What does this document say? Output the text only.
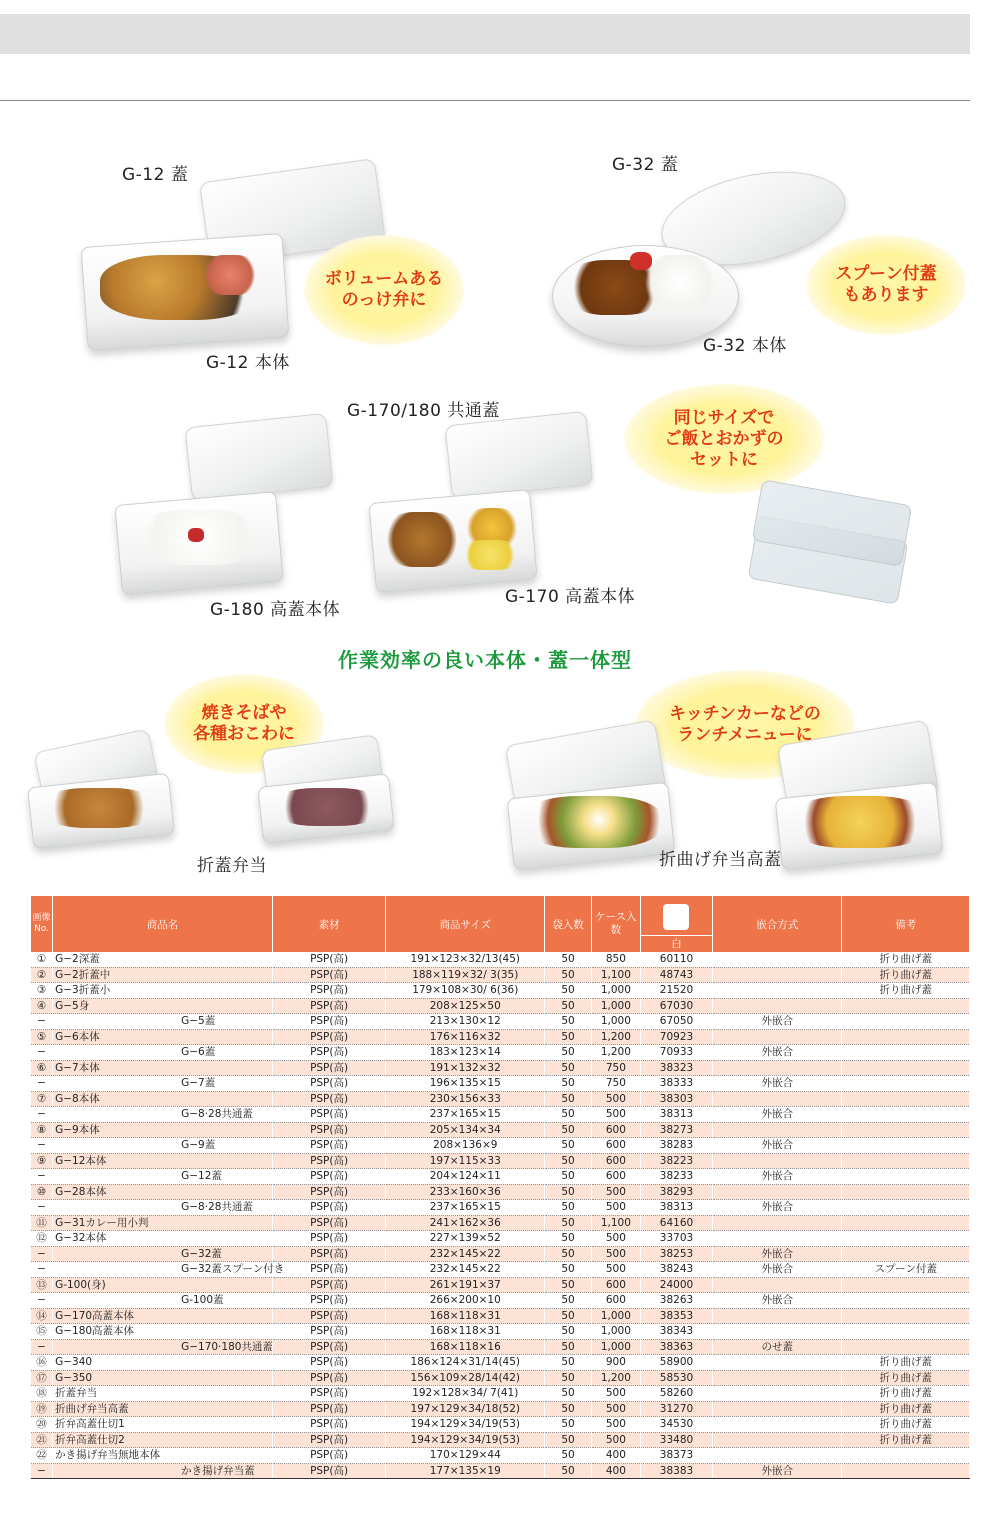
G-12 蓋
G-12 本体
ボリュームある
のっけ弁に
G-32 蓋
G-32 本体
スプーン付蓋
もあります
G-170/180 共通蓋
G-180 高蓋本体
G-170 高蓋本体
同じサイズで
ご飯とおかずの
セットに
作業効率の良い本体・蓋一体型
焼きそばや
各種おこわに
折蓋弁当
キッチンカーなどの
ランチメニューに
折曲げ弁当高蓋
画像No.	商品名	素材	商品サイズ	袋入数	ケース入数	白	嵌合方式	備考
①	G−2深蓋	PSP(高)	191×123×32/13(45)	50	850	60110		折り曲げ蓋
②	G−2折蓋中	PSP(高)	188×119×32/ 3(35)	50	1,100	48743		折り曲げ蓋
③	G−3折蓋小	PSP(高)	179×108×30/ 6(36)	50	1,000	21520		折り曲げ蓋
④	G−5身	PSP(高)	208×125×50	50	1,000	67030		
−	G−5蓋	PSP(高)	213×130×12	50	1,000	67050	外嵌合	
⑤	G−6本体	PSP(高)	176×116×32	50	1,200	70923		
−	G−6蓋	PSP(高)	183×123×14	50	1,200	70933	外嵌合	
⑥	G−7本体	PSP(高)	191×132×32	50	750	38323		
−	G−7蓋	PSP(高)	196×135×15	50	750	38333	外嵌合	
⑦	G−8本体	PSP(高)	230×156×33	50	500	38303		
−	G−8·28共通蓋	PSP(高)	237×165×15	50	500	38313	外嵌合	
⑧	G−9本体	PSP(高)	205×134×34	50	600	38273		
−	G−9蓋	PSP(高)	208×136×9	50	600	38283	外嵌合	
⑨	G−12本体	PSP(高)	197×115×33	50	600	38223		
−	G−12蓋	PSP(高)	204×124×11	50	600	38233	外嵌合	
⑩	G−28本体	PSP(高)	233×160×36	50	500	38293		
−	G−8·28共通蓋	PSP(高)	237×165×15	50	500	38313	外嵌合	
⑪	G−31カレー用小判	PSP(高)	241×162×36	50	1,100	64160		
⑫	G−32本体	PSP(高)	227×139×52	50	500	33703		
−	G−32蓋	PSP(高)	232×145×22	50	500	38253	外嵌合	
−	G−32蓋スプーン付き	PSP(高)	232×145×22	50	500	38243	外嵌合	スプーン付蓋
⑬	G-100(身)	PSP(高)	261×191×37	50	600	24000		
−	G-100蓋	PSP(高)	266×200×10	50	600	38263	外嵌合	
⑭	G−170高蓋本体	PSP(高)	168×118×31	50	1,000	38353		
⑮	G−180高蓋本体	PSP(高)	168×118×31	50	1,000	38343		
−	G−170·180共通蓋	PSP(高)	168×118×16	50	1,000	38363	のせ蓋	
⑯	G−340	PSP(高)	186×124×31/14(45)	50	900	58900		折り曲げ蓋
⑰	G−350	PSP(高)	156×109×28/14(42)	50	1,200	58530		折り曲げ蓋
⑱	折蓋弁当	PSP(高)	192×128×34/ 7(41)	50	500	58260		折り曲げ蓋
⑲	折曲げ弁当高蓋	PSP(高)	197×129×34/18(52)	50	500	31270		折り曲げ蓋
⑳	折弁高蓋仕切1	PSP(高)	194×129×34/19(53)	50	500	34530		折り曲げ蓋
㉑	折弁高蓋仕切2	PSP(高)	194×129×34/19(53)	50	500	33480		折り曲げ蓋
㉒	かき揚げ弁当無地本体	PSP(高)	170×129×44	50	400	38373		
−	かき揚げ弁当蓋	PSP(高)	177×135×19	50	400	38383	外嵌合	
